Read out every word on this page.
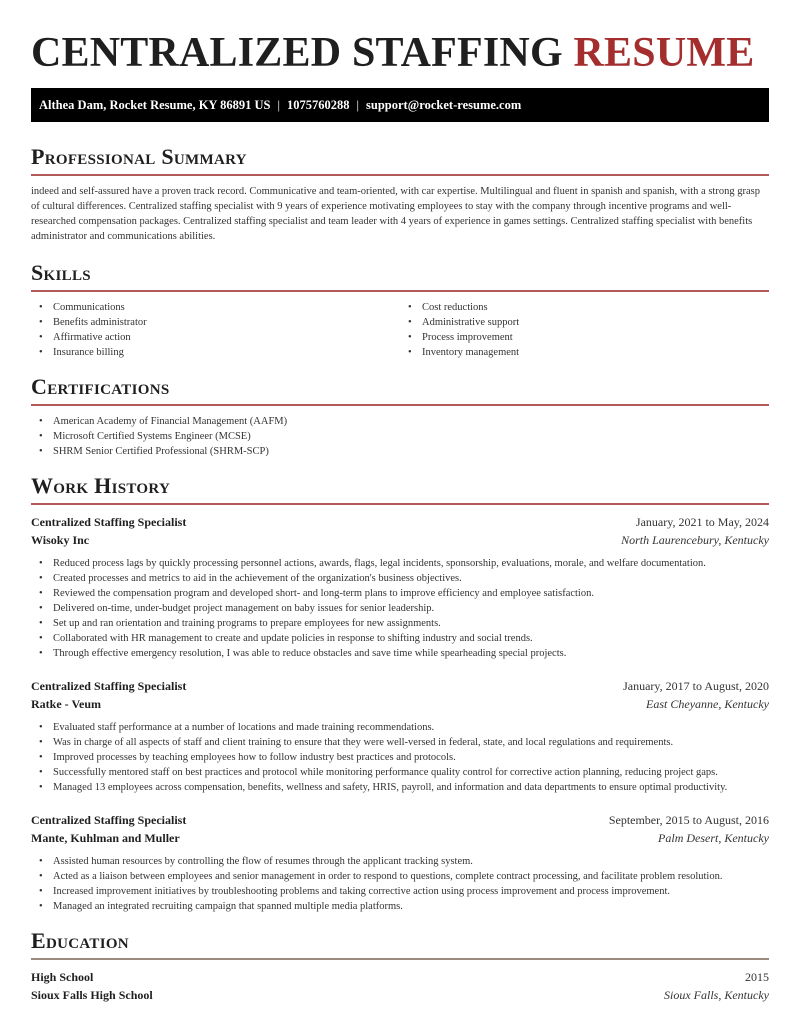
CENTRALIZED STAFFING RESUME
Althea Dam, Rocket Resume, KY 86891 US | 1075760288 | support@rocket-resume.com
Professional Summary

indeed and self-assured have a proven track record. Communicative and team-oriented, with car expertise. Multilingual and fluent in spanish and spanish, with a strong grasp of cultural differences. Centralized staffing specialist with 9 years of experience motivating employees to stay with the company through incentive programs and well-researched compensation packages. Centralized staffing specialist and team leader with 4 years of experience in games settings. Centralized staffing specialist with benefits administrator and communications abilities.

Skills
• Communications
• Benefits administrator
• Affirmative action
• Insurance billing
• Cost reductions
• Administrative support
• Process improvement
• Inventory management
Certifications
• American Academy of Financial Management (AAFM)
• Microsoft Certified Systems Engineer (MCSE)
• SHRM Senior Certified Professional (SHRM-SCP)
Work History
Centralized Staffing Specialist	January, 2021 to May, 2024
Wisoky Inc	North Laurencebury, Kentucky
• Reduced process lags by quickly processing personnel actions, awards, flags, legal incidents, sponsorship, evaluations, morale, and welfare documentation.
• Created processes and metrics to aid in the achievement of the organization's business objectives.
• Reviewed the compensation program and developed short- and long-term plans to improve efficiency and employee satisfaction.
• Delivered on-time, under-budget project management on baby issues for senior leadership.
• Set up and ran orientation and training programs to prepare employees for new assignments.
• Collaborated with HR management to create and update policies in response to shifting industry and social trends.
• Through effective emergency resolution, I was able to reduce obstacles and save time while spearheading special projects.
Centralized Staffing Specialist	January, 2017 to August, 2020
Ratke - Veum	East Cheyanne, Kentucky
• Evaluated staff performance at a number of locations and made training recommendations.
• Was in charge of all aspects of staff and client training to ensure that they were well-versed in federal, state, and local regulations and requirements.
• Improved processes by teaching employees how to follow industry best practices and protocols.
• Successfully mentored staff on best practices and protocol while monitoring performance quality control for corrective action planning, reducing project gaps.
• Managed 13 employees across compensation, benefits, wellness and safety, HRIS, payroll, and information and data departments to ensure optimal productivity.
Centralized Staffing Specialist	September, 2015 to August, 2016
Mante, Kuhlman and Muller	Palm Desert, Kentucky
• Assisted human resources by controlling the flow of resumes through the applicant tracking system.
• Acted as a liaison between employees and senior management in order to respond to questions, complete contract processing, and facilitate problem resolution.
• Increased improvement initiatives by troubleshooting problems and taking corrective action using process improvement and process improvement.
• Managed an integrated recruiting campaign that spanned multiple media platforms.
Education
High School	2015
Sioux Falls High School	Sioux Falls, Kentucky
